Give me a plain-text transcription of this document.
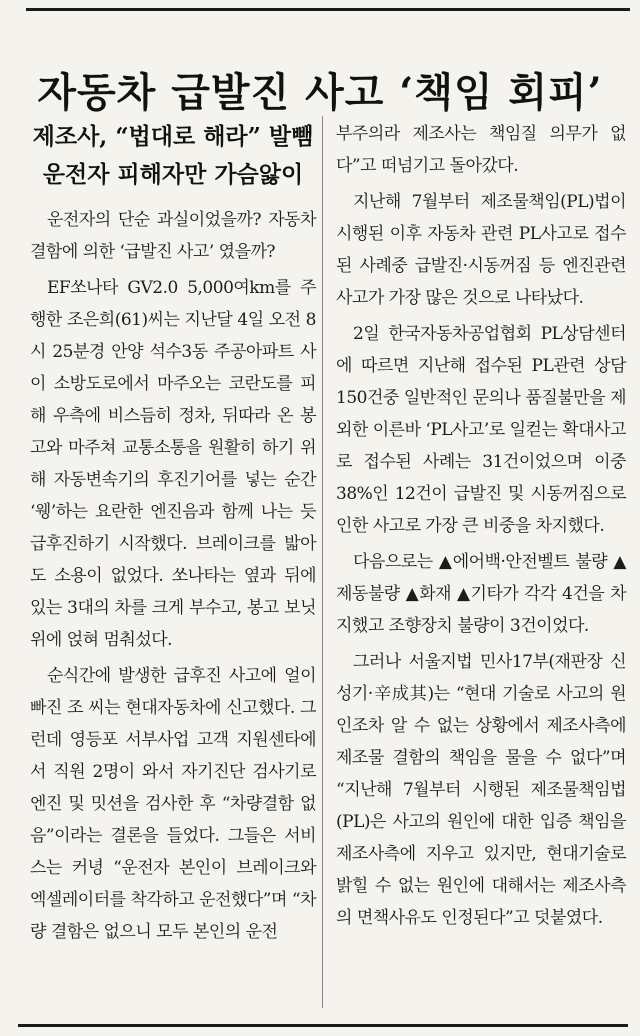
자동차 급발진 사고 ‘책임 회피’
제조사, “법대로 해라” 발뺌
운전자 피해자만 가슴앓이

운전자의 단순 과실이었을까? 자동차 결함에 의한 ‘급발진 사고’ 였을까?

EF쏘나타 GV2.0 5,000여km를 주행한 조은희(61)씨는 지난달 4일 오전 8시 25분경 안양 석수3동 주공아파트 사이 소방도로에서 마주오는 코란도를 피해 우측에 비스듬히 정차, 뒤따라 온 봉고와 마주쳐 교통소통을 원활히 하기 위해 자동변속기의 후진기어를 넣는 순간 ‘웽’하는 요란한 엔진음과 함께 나는 듯 급후진하기 시작했다. 브레이크를 밟아도 소용이 없었다. 쏘나타는 옆과 뒤에 있는 3대의 차를 크게 부수고, 봉고 보닛 위에 얹혀 멈춰섰다.

순식간에 발생한 급후진 사고에 얼이 빠진 조 씨는 현대자동차에 신고했다. 그런데 영등포 서부사업 고객 지원센타에서 직원 2명이 와서 자기진단 검사기로 엔진 및 밋션을 검사한 후 “차량결함 없음”이라는 결론을 들었다. 그들은 서비스는 커녕 “운전자 본인이 브레이크와 엑셀레이터를 착각하고 운전했다”며 “차량 결함은 없으니 모두 본인의 운전

부주의라 제조사는 책임질 의무가 없다”고 떠넘기고 돌아갔다.

지난해 7월부터 제조물책임(PL)법이 시행된 이후 자동차 관련 PL사고로 접수된 사례중 급발진·시동꺼짐 등 엔진관련 사고가 가장 많은 것으로 나타났다.

2일 한국자동차공업협회 PL상담센터에 따르면 지난해 접수된 PL관련 상담 150건중 일반적인 문의나 품질불만을 제외한 이른바 ‘PL사고’로 일컫는 확대사고로 접수된 사례는 31건이었으며 이중 38%인 12건이 급발진 및 시동꺼짐으로 인한 사고로 가장 큰 비중을 차지했다.

다음으로는 ▲에어백·안전벨트 불량 ▲제동불량 ▲화재 ▲기타가 각각 4건을 차지했고 조향장치 불량이 3건이었다.

그러나 서울지법 민사17부(재판장 신성기·辛成其)는 “현대 기술로 사고의 원인조차 알 수 없는 상황에서 제조사측에 제조물 결함의 책임을 물을 수 없다”며 “지난해 7월부터 시행된 제조물책임법(PL)은 사고의 원인에 대한 입증 책임을 제조사측에 지우고 있지만, 현대기술로 밝힐 수 없는 원인에 대해서는 제조사측의 면책사유도 인정된다”고 덧붙였다.
